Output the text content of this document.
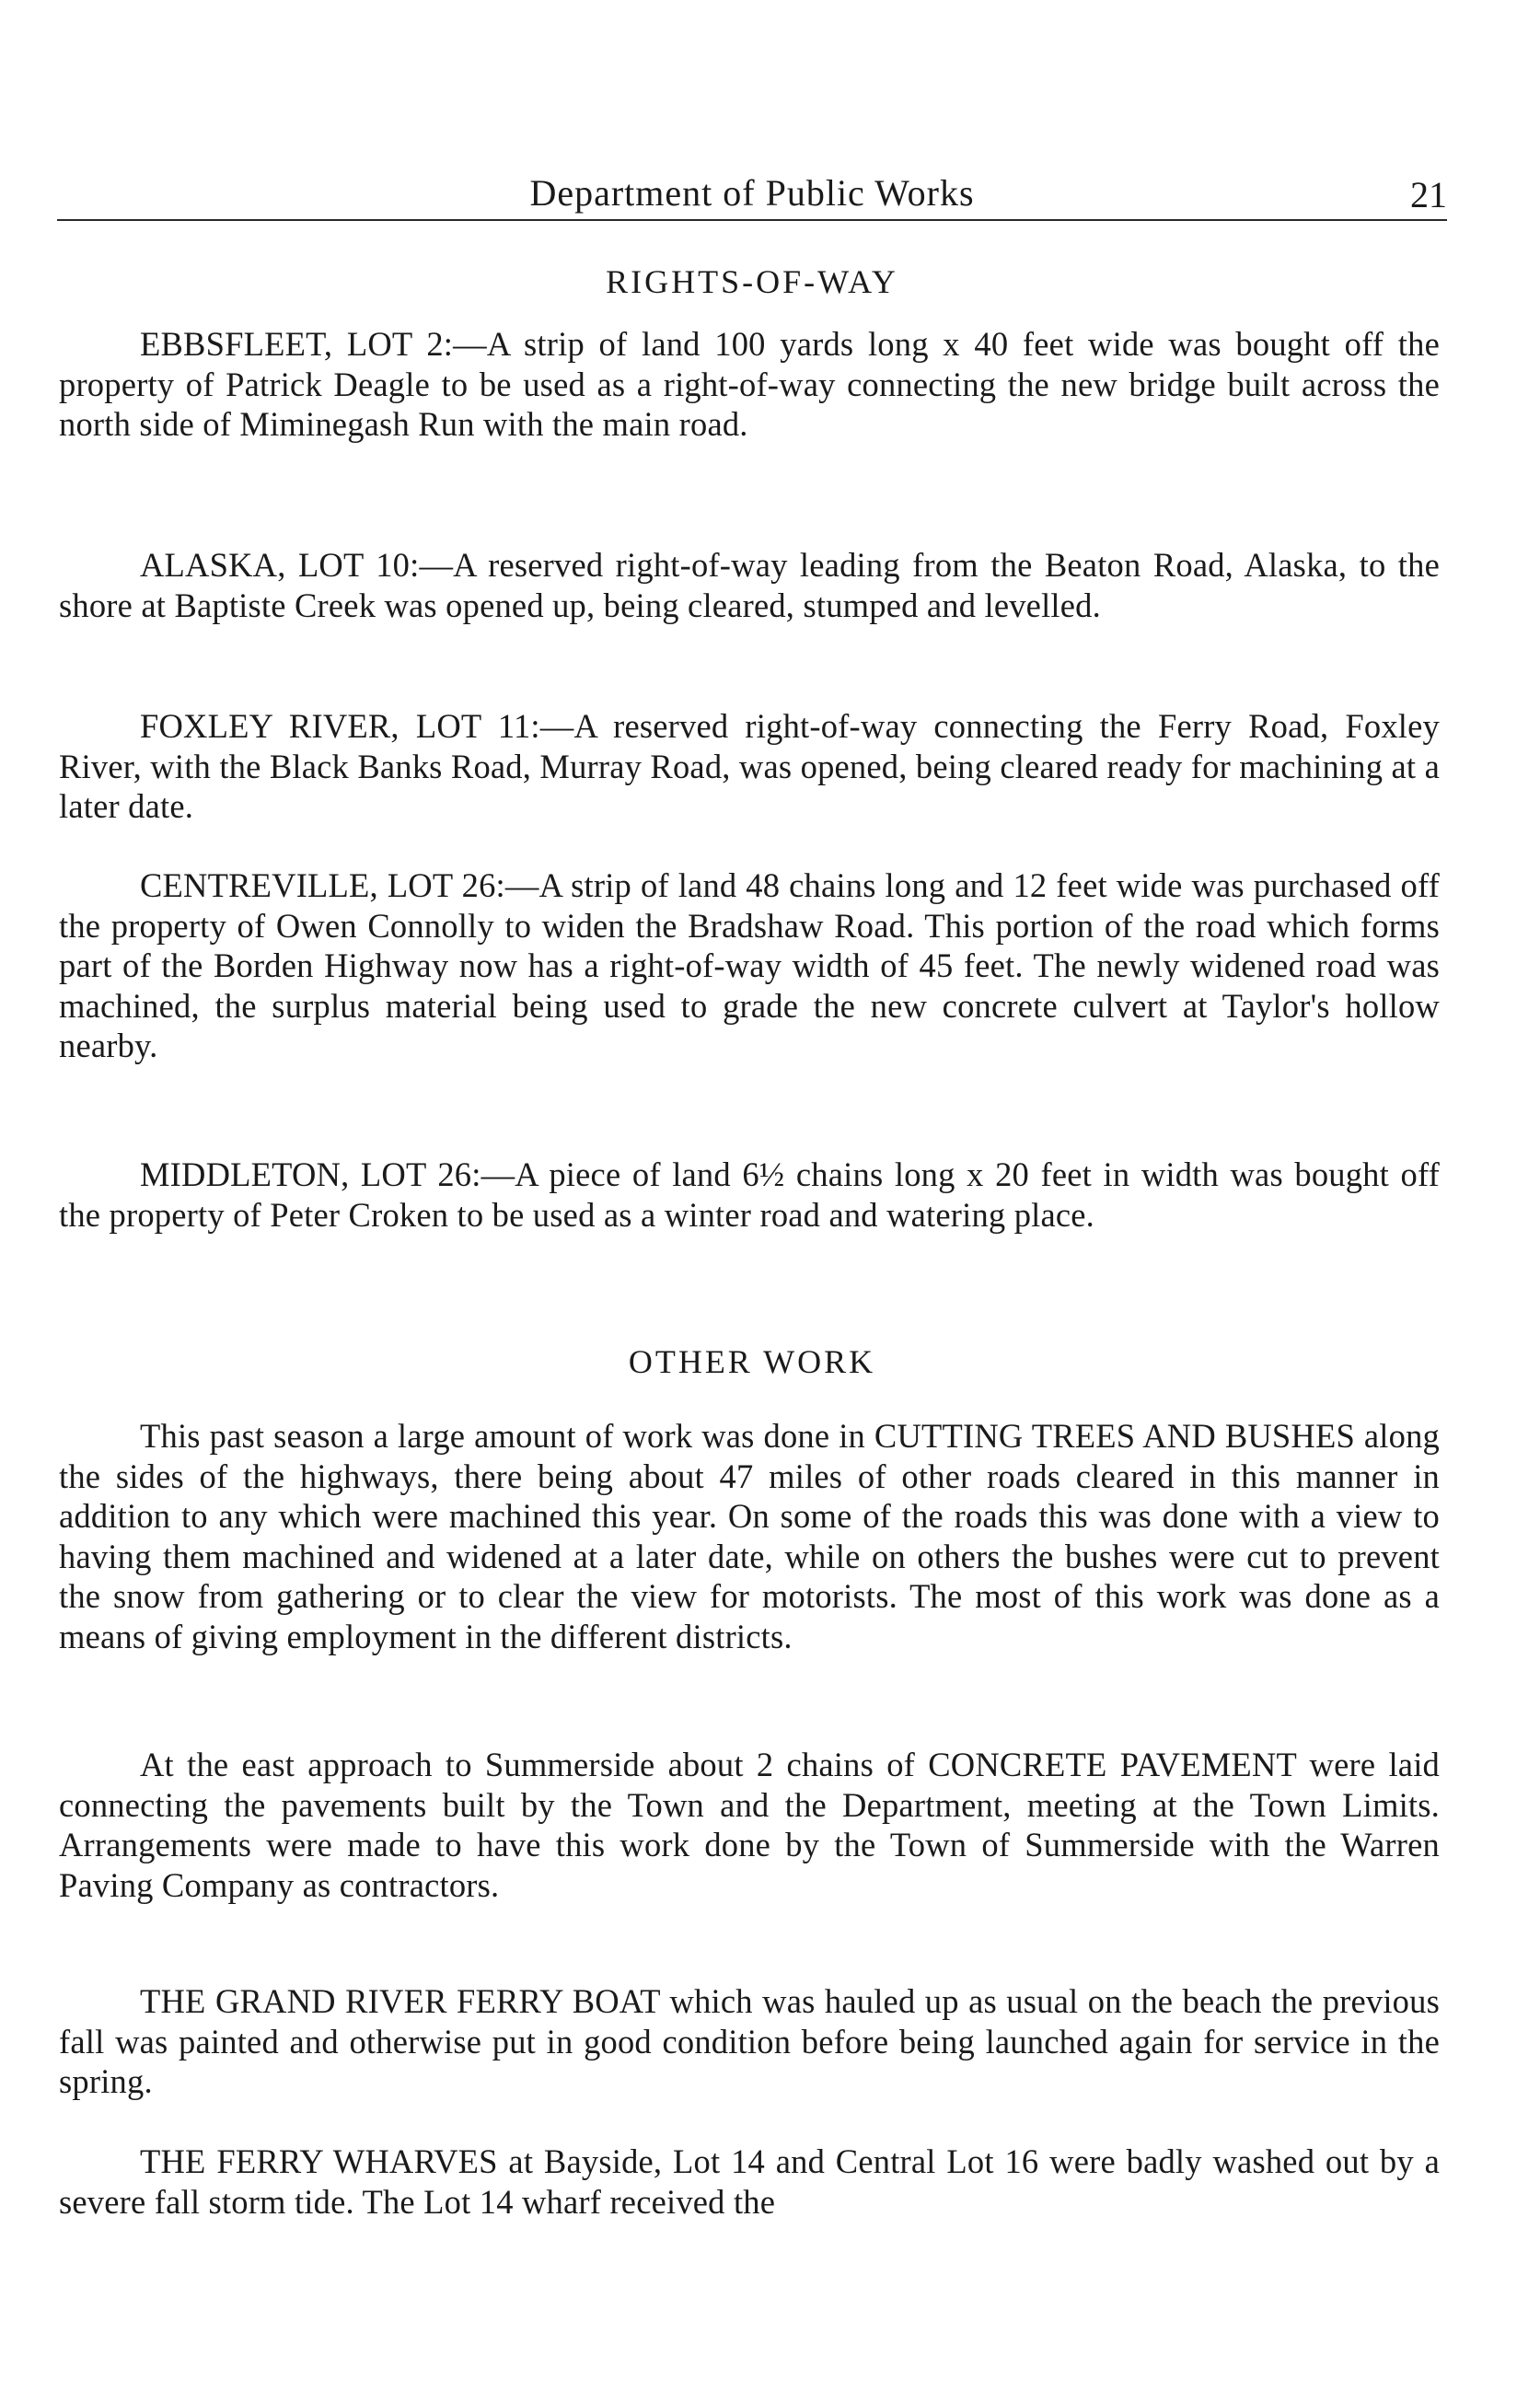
Department of Public Works	21
RIGHTS-OF-WAY

EBBSFLEET, LOT 2:—A strip of land 100 yards long x 40 feet wide was bought off the property of Patrick Deagle to be used as a right-of-way connecting the new bridge built across the north side of Miminegash Run with the main road.

ALASKA, LOT 10:—A reserved right-of-way leading from the Beaton Road, Alaska, to the shore at Baptiste Creek was opened up, being cleared, stumped and levelled.

FOXLEY RIVER, LOT 11:—A reserved right-of-way connecting the Ferry Road, Foxley River, with the Black Banks Road, Murray Road, was opened, being cleared ready for machining at a later date.

CENTREVILLE, LOT 26:—A strip of land 48 chains long and 12 feet wide was purchased off the property of Owen Connolly to widen the Bradshaw Road. This portion of the road which forms part of the Borden Highway now has a right-of-way width of 45 feet. The newly widened road was machined, the surplus material being used to grade the new concrete culvert at Taylor's hollow nearby.

MIDDLETON, LOT 26:—A piece of land 6½ chains long x 20 feet in width was bought off the property of Peter Croken to be used as a winter road and watering place.

OTHER WORK

This past season a large amount of work was done in CUTTING TREES AND BUSHES along the sides of the highways, there being about 47 miles of other roads cleared in this manner in addition to any which were machined this year. On some of the roads this was done with a view to having them machined and widened at a later date, while on others the bushes were cut to prevent the snow from gathering or to clear the view for motorists. The most of this work was done as a means of giving employment in the different districts.

At the east approach to Summerside about 2 chains of CONCRETE PAVEMENT were laid connecting the pavements built by the Town and the Department, meeting at the Town Limits. Arrangements were made to have this work done by the Town of Summerside with the Warren Paving Company as contractors.

THE GRAND RIVER FERRY BOAT which was hauled up as usual on the beach the previous fall was painted and otherwise put in good condition before being launched again for service in the spring.

THE FERRY WHARVES at Bayside, Lot 14 and Central Lot 16 were badly washed out by a severe fall storm tide. The Lot 14 wharf received the
